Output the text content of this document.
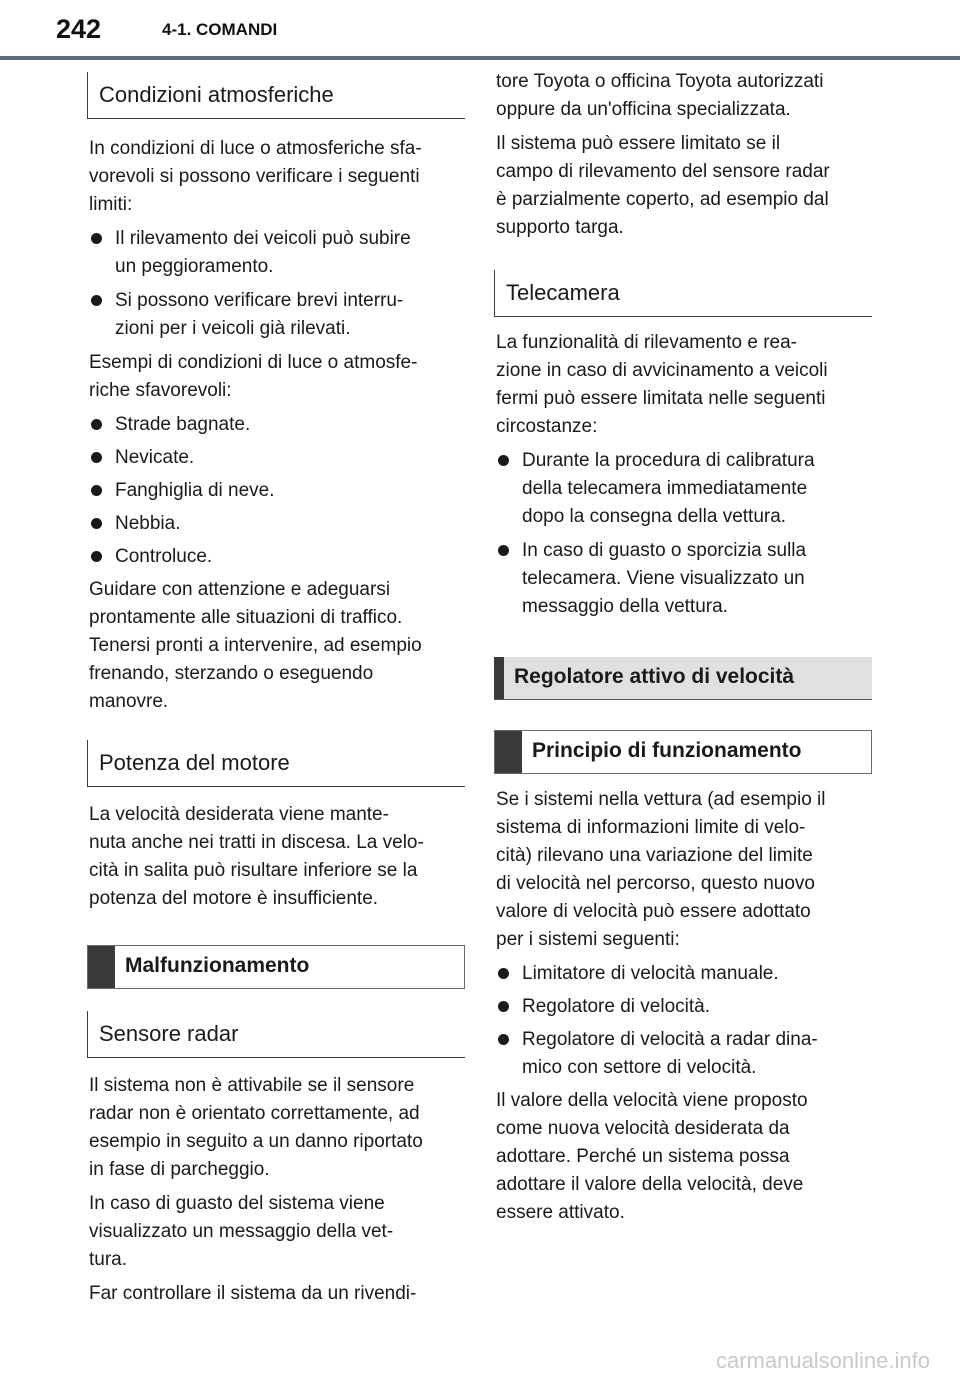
242	4-1. COMANDI
Condizioni atmosferiche
In condizioni di luce o atmosferiche sfa-
vorevoli si possono verificare i seguenti
limiti:
Il rilevamento dei veicoli può subire
un peggioramento.
Si possono verificare brevi interru-
zioni per i veicoli già rilevati.
Esempi di condizioni di luce o atmosfe-
riche sfavorevoli:
Strade bagnate.
Nevicate.
Fanghiglia di neve.
Nebbia.
Controluce.
Guidare con attenzione e adeguarsi
prontamente alle situazioni di traffico.
Tenersi pronti a intervenire, ad esempio
frenando, sterzando o eseguendo
manovre.
Potenza del motore
La velocità desiderata viene mante-
nuta anche nei tratti in discesa. La velo-
cità in salita può risultare inferiore se la
potenza del motore è insufficiente.
Malfunzionamento
Sensore radar
Il sistema non è attivabile se il sensore
radar non è orientato correttamente, ad
esempio in seguito a un danno riportato
in fase di parcheggio.
In caso di guasto del sistema viene
visualizzato un messaggio della vet-
tura.
Far controllare il sistema da un rivendi-
tore Toyota o officina Toyota autorizzati
oppure da un'officina specializzata.
Il sistema può essere limitato se il
campo di rilevamento del sensore radar
è parzialmente coperto, ad esempio dal
supporto targa.
Telecamera
La funzionalità di rilevamento e rea-
zione in caso di avvicinamento a veicoli
fermi può essere limitata nelle seguenti
circostanze:
Durante la procedura di calibratura
della telecamera immediatamente
dopo la consegna della vettura.
In caso di guasto o sporcizia sulla
telecamera. Viene visualizzato un
messaggio della vettura.
Regolatore attivo di velocità
Principio di funzionamento
Se i sistemi nella vettura (ad esempio il
sistema di informazioni limite di velo-
cità) rilevano una variazione del limite
di velocità nel percorso, questo nuovo
valore di velocità può essere adottato
per i sistemi seguenti:
Limitatore di velocità manuale.
Regolatore di velocità.
Regolatore di velocità a radar dina-
mico con settore di velocità.
Il valore della velocità viene proposto
come nuova velocità desiderata da
adottare. Perché un sistema possa
adottare il valore della velocità, deve
essere attivato.
carmanualsonline.info
